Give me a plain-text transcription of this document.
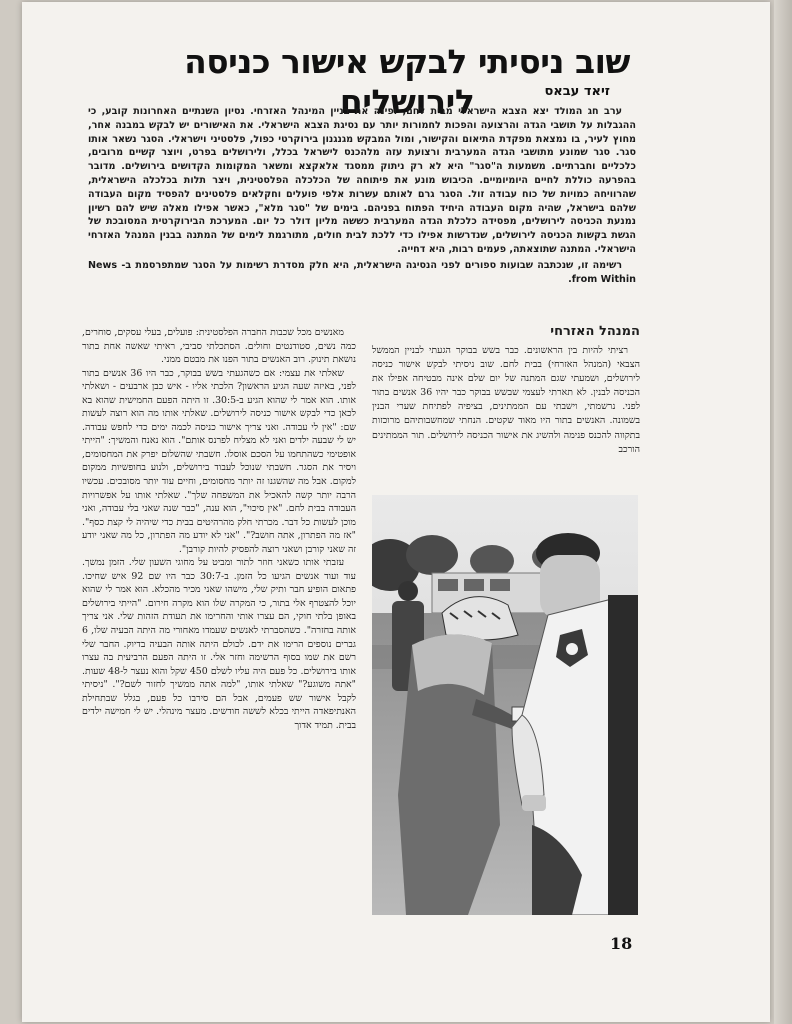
שוב ניסיתי לבקש אישור כניסה לירושלים	זיאד עבאס

ערב חג המולד יצא הצבא הישראלי מבית לחם, ופינה את בניין המינהל האזרחי. נסיון השנתיים האחרונות קובע, כי ההגבלות על תושבי הגדה והרצועה והפכות לחמורות יותר עם נסיגת הצבא הישראלי. את האישורים יש לבקש במבנה אחר, מחוץ לעיר, בו נמצאת מפקדת התיאום והקישור, ומול המבקש מגנגנון בירוקרטי כפול, פלסטיני וישראלי. הסגר נשאר אותו סגר. סגר שמונע מתושבי הגדה המערבית ורצועת עזה מלהכנס לישראל בכלל, ולירושלים בפרט, ויוצר קשיים מרובים, כלכליים וחברתיים. משמעות ה"סגר" היא לא רק ניתוק ממסגד אלאקצא ומשאר המקומות הקדושים בירושלים. מדובר בהפרעה כוללת לחיים היומיומיים. הכיבוש מונע את פיתוחה של הכלכלה הפלסטינית, ויצר תלות בכלכלה הישראלית, שהרוויחה כמויות של כוח עבודה זול. הסגר גרם לאותם עשרות אלפי פועלים וחקלאים פלסטינים להפסיד מקום העבודה שלהם בישראל, שהיה מקום העבודה היחיד הפתוח בפניהם. בימים של "סגר מלא", כאשר אפילו מאלה שיש להם רשיון נמנעת הכניסה לירושלים, מפסידה כלכלת הגדה המערבית כששה מליון דולר כל יום. המערכת הבירוקרטית המסובכת של הגשת בקשות הכניסה לירושלים, שנדרשות אפילו כדי ללכת לבית חולים, מתורגמת לימים של המתנה בבנין המנהל האזרחי הישראלי. המתנה שתוצאתה, פעמים רבות, היא דחייה.

רשימה זו, שנכתבה שבועות ספורים לפני הנסיגה הישראלית, היא חלק מסדרת רשימות על הסגר שמתפרסמת ב- News from Within.

המנהל האזרחי

רציתי להיות בין הראשונים. כבר בשש בבוקר הגעתי לבניין הממשל הצבאי (המנהל האזרחי) בבית לחם. שוב ניסיתי לבקש אישור כניסה לירושלים, ושמעתי שגם המתנה של יום שלם אינה מבטיחה אפילו את הכניסה לבנין. לא תארתי לעצמי שבשש בבוקר כבר יהיו 36 אנשים בתור לפני. נרשמתי, וישבתי עם הממתינים, בציפיה לפתיחת שערי הבנין בשמונה. האנשים בתור היו מאוד שקטים. הנחתי שמחשבותיהם מרוכזות בתקווה להכנס פנימה ולהשיג את אישור הכניסה לירושלים. תור הממתינים הורכב

מאנשים מכל שכבות החברה הפלסטינית: פועלים, בעלי עסקים, סוחרים, כמה נשים, סטודנטים וחולים. הסתכלתי סביבי, ראיתי שאשה אחת בתור נושאת תינוק. רוב האנשים בתור הפנו את מבטם ממני.

שאלתי את עצמי: אם כשהגעתי בשש בבוקר, כבר היו 36 אנשים בתור לפני, באיזה שעה הגיע הראשון? הלכתי אליו - איש כבן ארבעים - ושאלתי אותו. הוא אמר לי שהוא הגיע ב-30:5. זו היתה הפעם החמישית שהוא בא לכאן כדי לבקש אישור כניסה לירושלים. שאלתי אותו מה הוא רוצה לעשות שם: "אין לי עבודה. ואני צריך אישור כניסה לכמה ימים כדי לחפש עבודה. יש לי שבעה ילדים ואני לא מצליח לפרנס אותם". הוא נאנח והמשיך: "הייתי אופטימי כשהתחמו על הסכם אוסלו. חשבתי שהשלום יפרק את המחסומים, ויסיר את הסגר. חשבתי שנוכל לעבוד בירושלים, ולנוע בחופשיות ממקום למקום. אבל מה שהשגנו זה יותר מחסומים, וחיים עוד יותר מסובכים. עכשיו הרבה יותר קשה להאכיל את המשפחה שלך". שאלתי אותו על אפשרויות העבודה בבית לחם. "אין סיכוי", הוא ענה, "כבר שנה שאני בלי עבודה, ואני מוכן לעשות כל דבר. מכרתי חלק מהרהיטים בבית כדי שיהיה לי קצת כסף". "אז מה הפתרון, אתה חושב?". "אני לא יודע מה הפתרון, כל מה שאני יודע זה שאני קורבן ושאני רוצה להפסיק להיות קורבן".

עזבתי אותו כשאני חוזר לתור ומביט על מחוגי השעון שלי. הזמן נמשך. עוד ועוד אנשים הגיעו כל הזמן. ב-30:7 כבר היו שם 92 איש שחיכו. פתאום הופיע חבר ותיק שלי, מישהו שאני מכיר מהכלא. הוא אמר לי שהוא יוכל להצטרף אלי בתור, כי המקרה שלו הוא מקרה חירום. "הייתי בירושלים באופן בלתי חוקי, הם עצרו אותי והחרימו את תעודת הזהות שלי. אני צריך אותה בחזרה". כשהסברתי לאנשים שעמדו מאחורי מה היתה הבעיה שלו, 6 גברים נוספים הרימו את ידם. לכולם היתה אותה הבעיה בדיוק. החבר שלי רשם את שמו בסוף הרשימה וחזר אלי. זו היתה הפעם הרביעית בה עצרו אותו בירושלים. כל פעם היה עליו לשלם 450 שקל והוא נעצר ל-48 שעות. "אתה משוגע?" שאלתי אותו, "למה אתה ממשיך לחזור לשם?". "ניסיתי לקבל אישור שש פעמים, אבל הם סירבו כל פעם, בגלל שבתחילת האנתיפאדה הייתי בכלא לששה חודשים. מעצר מינהלי. יש לי חמישה ילדים בבית. תמיד אדוך

18
